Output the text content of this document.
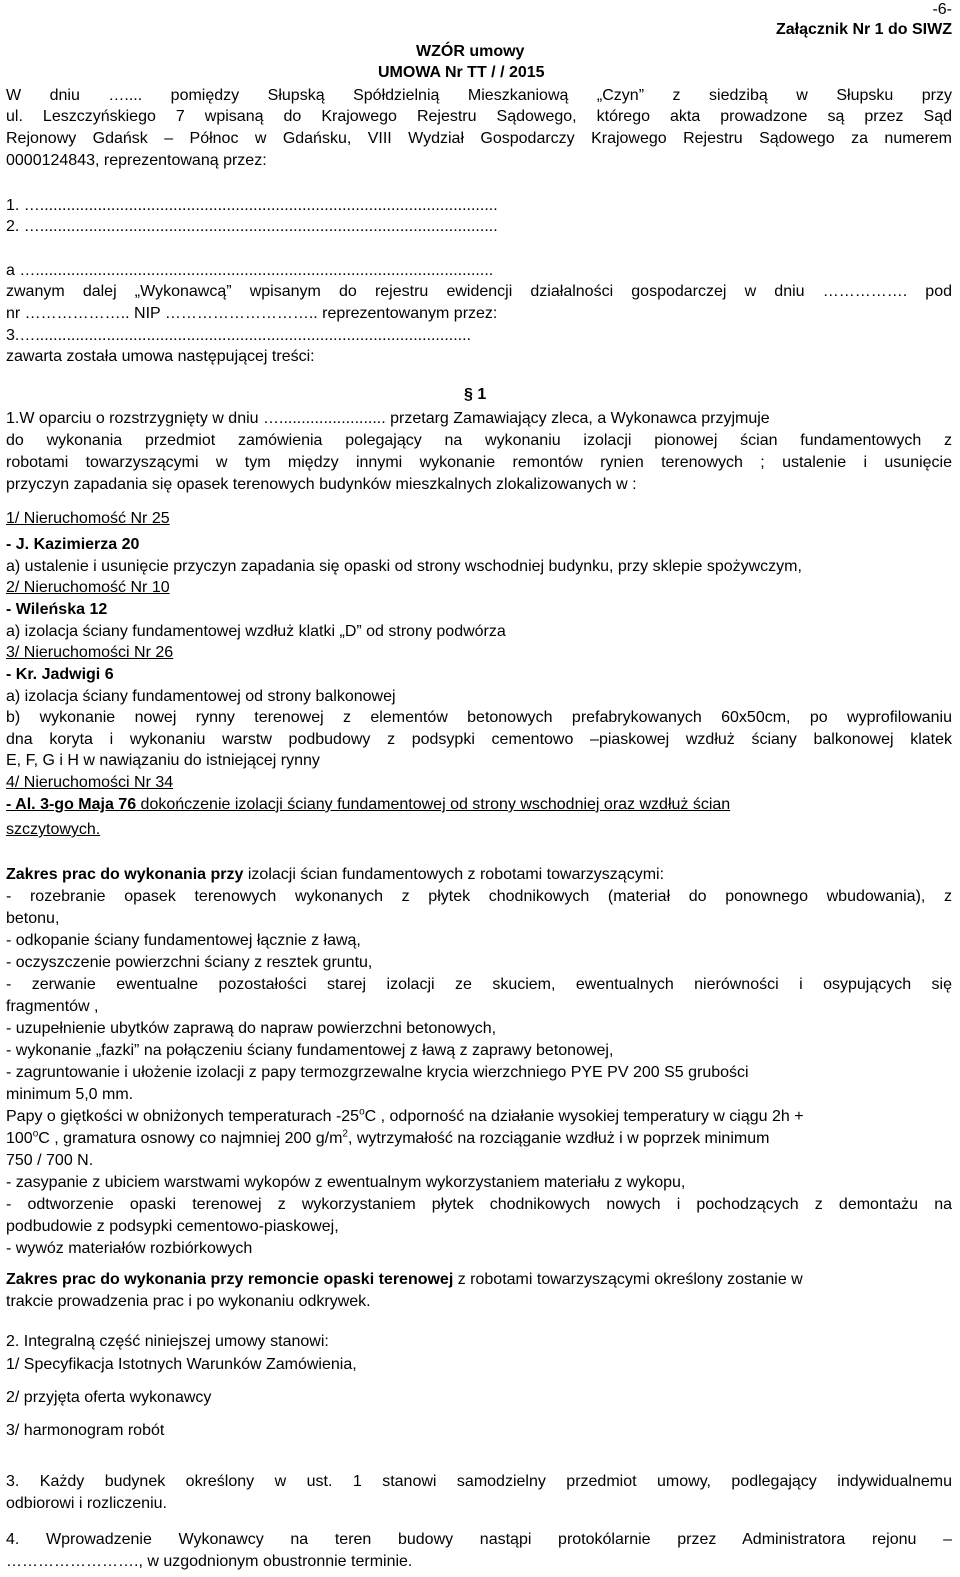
-6-
Załącznik Nr 1 do SIWZ
WZÓR umowy
UMOWA Nr TT / / 2015
W dniu ….... pomiędzy Słupską Spółdzielnią Mieszkaniową „Czyn” z siedzibą w Słupsku przy
ul. Leszczyńskiego 7 wpisaną do Krajowego Rejestru Sądowego, którego akta prowadzone są przez Sąd
Rejonowy Gdańsk – Północ w Gdańsku, VIII Wydział Gospodarczy Krajowego Rejestru Sądowego za numerem
0000124843, reprezentowaną przez:
1. ….......................................................................................................
2. ….......................................................................................................
a ….......................................................................................................
zwanym dalej „Wykonawcą” wpisanym do rejestru ewidencji działalności gospodarczej w dniu ……………. pod
nr ……………….. NIP ……………………….. reprezentowanym przez:
3.…..................................................................................................
zawarta została umowa następującej treści:
§ 1
1.W oparciu o rozstrzygnięty w dniu …........................ przetarg Zamawiający zleca, a Wykonawca przyjmuje
do wykonania przedmiot zamówienia polegający na wykonaniu izolacji pionowej ścian fundamentowych z
robotami towarzyszącymi w tym między innymi wykonanie remontów rynien terenowych ; ustalenie i usunięcie
przyczyn zapadania się opasek terenowych budynków mieszkalnych zlokalizowanych w :
1/ Nieruchomość Nr 25
- J. Kazimierza 20
a) ustalenie i usunięcie przyczyn zapadania się opaski od strony wschodniej budynku, przy sklepie spożywczym,
2/ Nieruchomość Nr 10
- Wileńska 12
a) izolacja ściany fundamentowej wzdłuż klatki „D” od strony podwórza
3/ Nieruchomości Nr 26
- Kr. Jadwigi 6
a) izolacja ściany fundamentowej od strony balkonowej
b) wykonanie nowej rynny terenowej z elementów betonowych prefabrykowanych 60x50cm, po wyprofilowaniu
dna koryta i wykonaniu warstw podbudowy z podsypki cementowo –piaskowej wzdłuż ściany balkonowej klatek
E, F, G i H w nawiązaniu do istniejącej rynny
4/ Nieruchomości Nr 34
- Al. 3-go Maja 76 dokończenie izolacji ściany fundamentowej od strony wschodniej oraz wzdłuż ścian
szczytowych.
Zakres prac do wykonania przy izolacji ścian fundamentowych z robotami towarzyszącymi:
- rozebranie opasek terenowych wykonanych z płytek chodnikowych (materiał do ponownego wbudowania), z
betonu,
- odkopanie ściany fundamentowej łącznie z ławą,
- oczyszczenie powierzchni ściany z resztek gruntu,
- zerwanie ewentualne pozostałości starej izolacji ze skuciem, ewentualnych nierówności i osypujących się
fragmentów ,
- uzupełnienie ubytków zaprawą do napraw powierzchni betonowych,
- wykonanie „fazki” na połączeniu ściany fundamentowej z ławą z zaprawy betonowej,
- zagruntowanie i ułożenie izolacji z papy termozgrzewalne krycia wierzchniego PYE PV 200 S5 grubości
minimum 5,0 mm.
Papy o giętkości w obniżonych temperaturach -25$^o$C , odporność na działanie wysokiej temperatury w ciągu 2h +
$100^oC$ , gramatura osnowy co najmniej 200 $g/m^2$, wytrzymałość na rozciąganie wzdłuż i w poprzek minimum
750 / 700 N.
- zasypanie z ubiciem warstwami wykopów z ewentualnym wykorzystaniem materiału z wykopu,
- odtworzenie opaski terenowej z wykorzystaniem płytek chodnikowych nowych i pochodzących z demontażu na
podbudowie z podsypki cementowo-piaskowej,
- wywóz materiałów rozbiórkowych
Zakres prac do wykonania przy remoncie opaski terenowej z robotami towarzyszącymi określony zostanie w
trakcie prowadzenia prac i po wykonaniu odkrywek.
2. Integralną część niniejszej umowy stanowi:
1/ Specyfikacja Istotnych Warunków Zamówienia,
2/ przyjęta oferta wykonawcy
3/ harmonogram robót
3. Każdy budynek określony w ust. 1 stanowi samodzielny przedmiot umowy, podlegający indywidualnemu
odbiorowi i rozliczeniu.
4. Wprowadzenie Wykonawcy na teren budowy nastąpi protokólarnie przez Administratora rejonu –
……………………., w uzgodnionym obustronnie terminie.
